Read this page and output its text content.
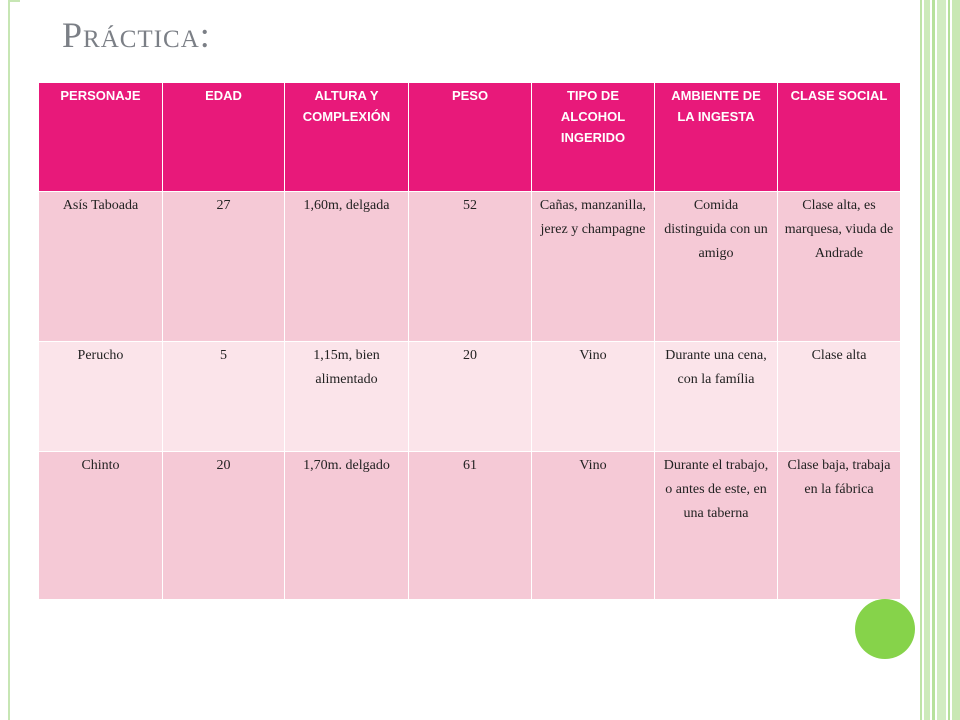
Práctica:
PERSONAJE	EDAD	ALTURA Y COMPLEXIÓN	PESO	TIPO DE ALCOHOL INGERIDO	AMBIENTE DE LA INGESTA	CLASE SOCIAL
Asís Taboada	27	1,60m, delgada	52	Cañas, manzanilla, jerez y champagne	Comida distinguida con un amigo	Clase alta, es marquesa, viuda de Andrade
Perucho	5	1,15m, bien alimentado	20	Vino	Durante una cena, con la família	Clase alta
Chinto	20	1,70m. delgado	61	Vino	Durante el trabajo, o antes de este, en una taberna	Clase baja, trabaja en la fábrica
